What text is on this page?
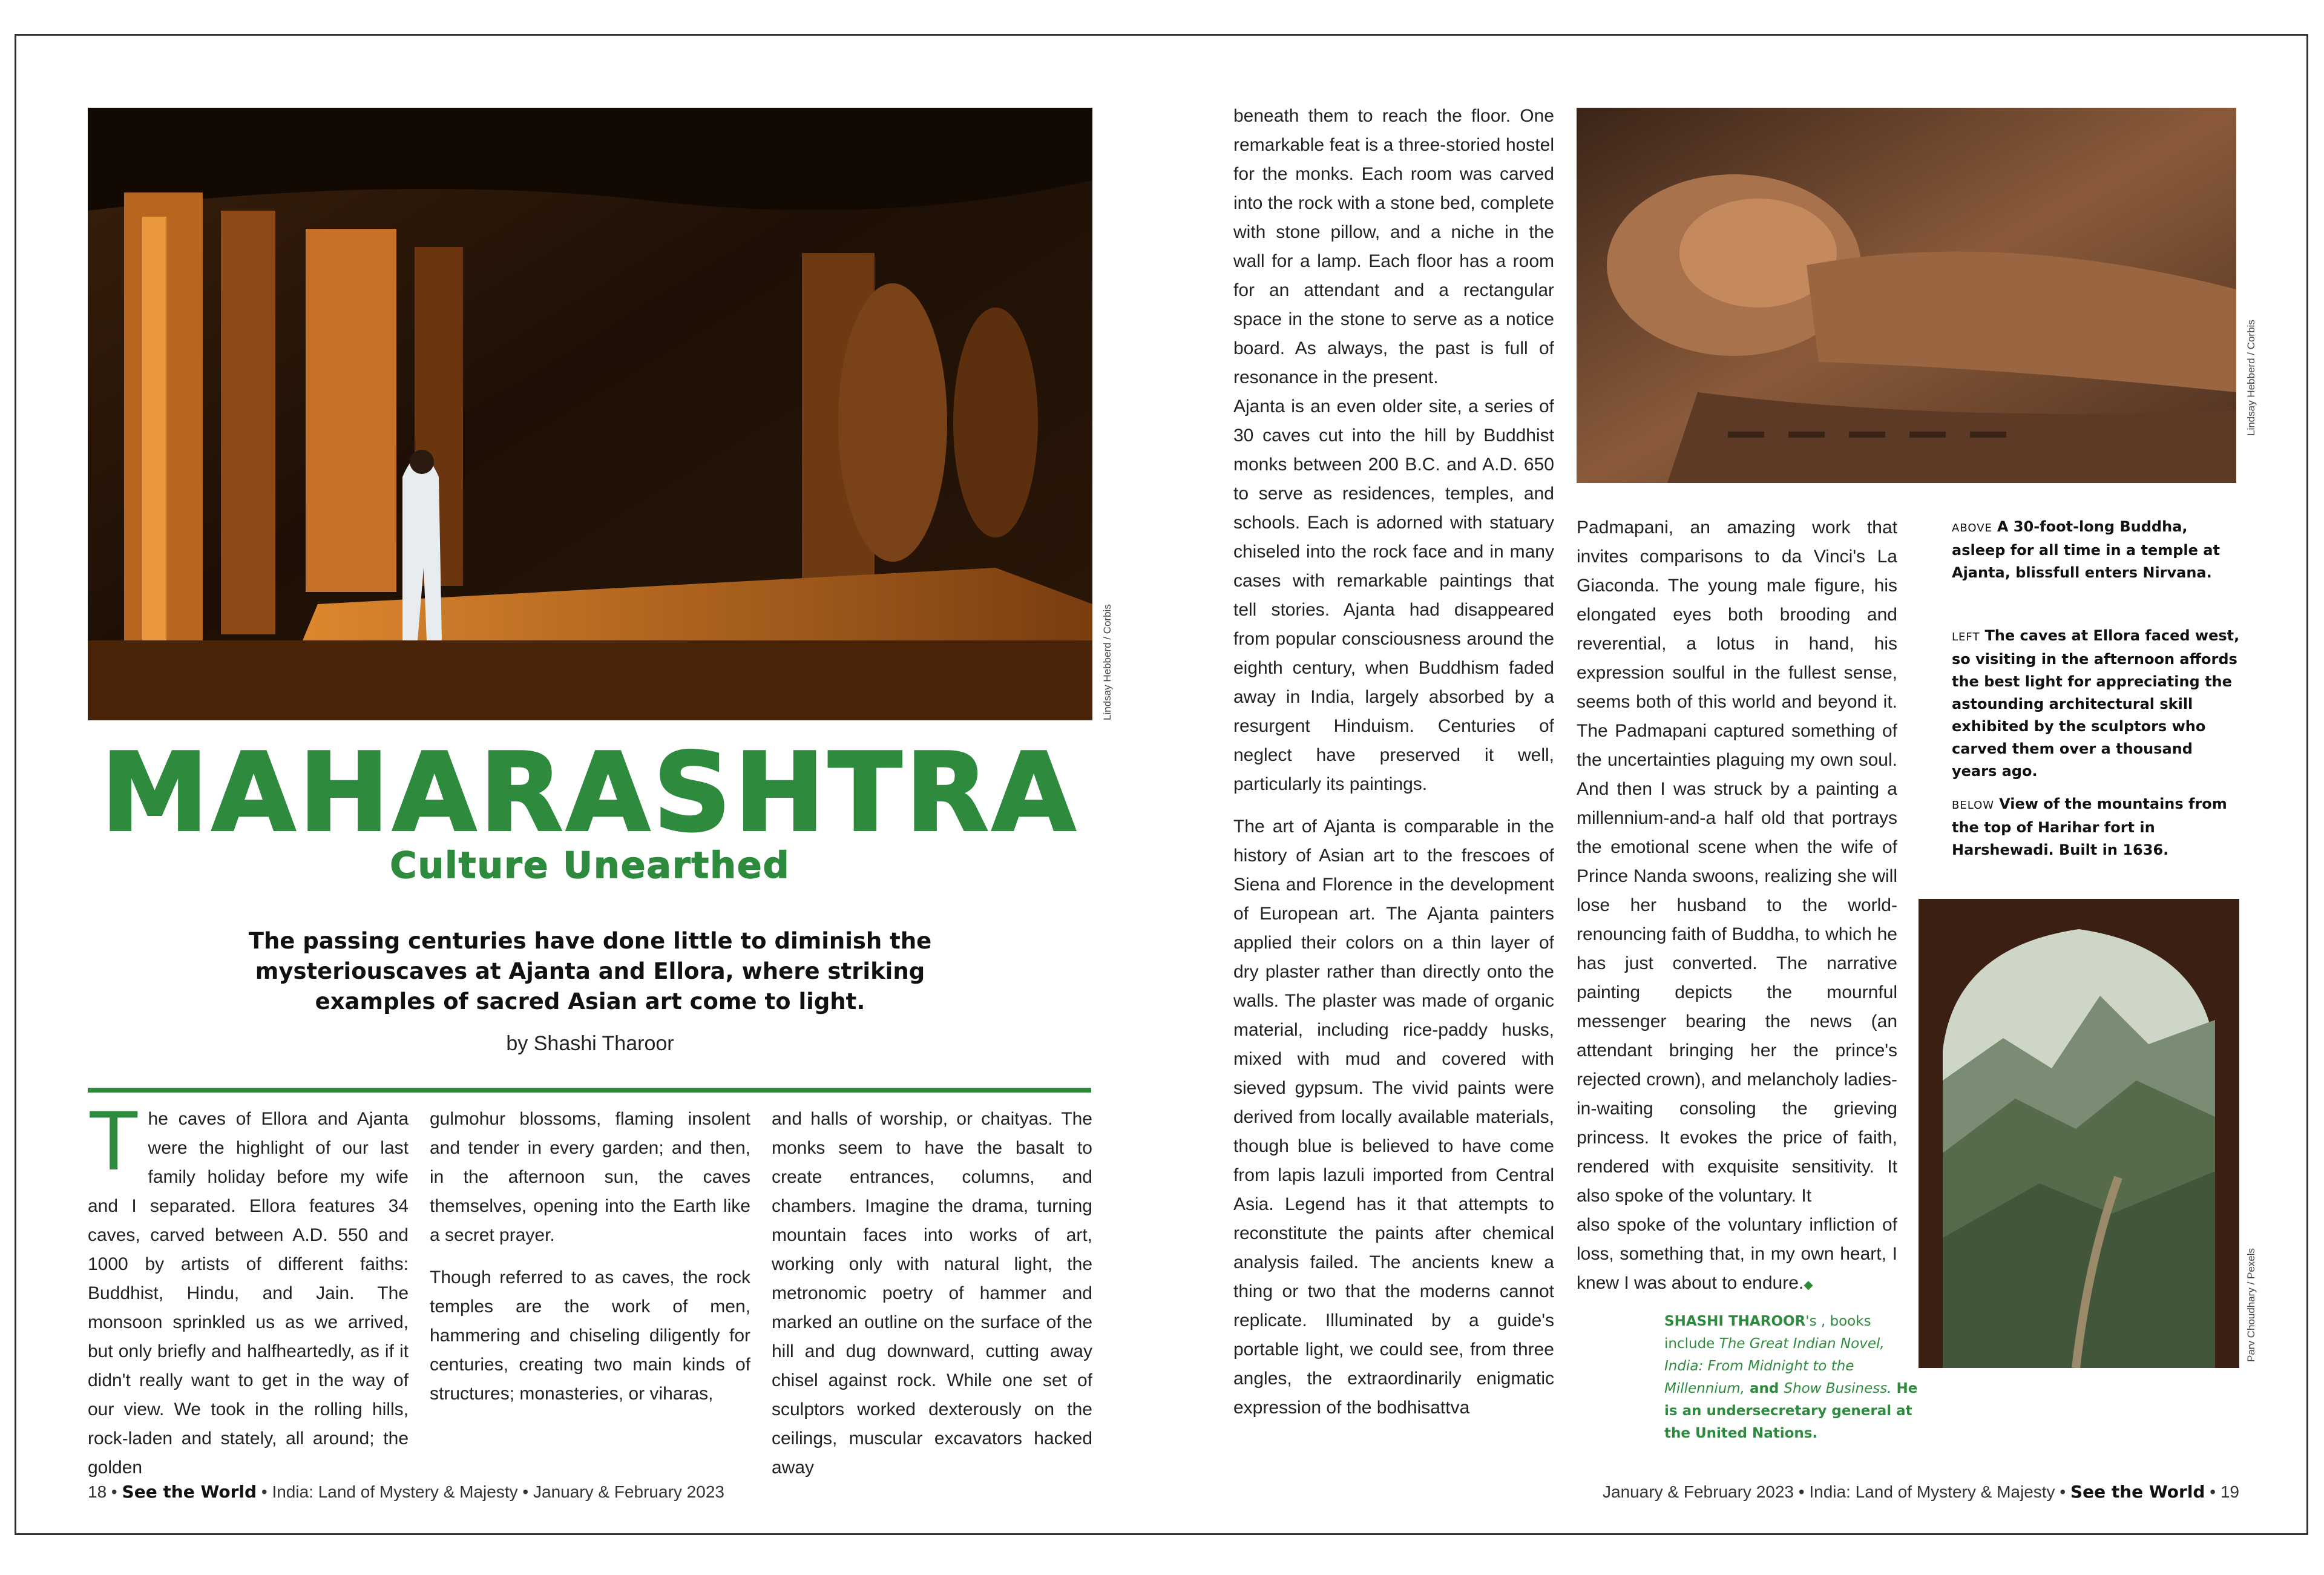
Lindsay Hebberd / Corbis
MAHARASHTRA
Culture Unearthed
The passing centuries have done little to diminish the mysteriouscaves at Ajanta and Ellora, where striking examples of sacred Asian art come to light.
by Shashi Tharoor
The caves of Ellora and Ajanta were the highlight of our last family holiday before my wife and I separated. Ellora features 34 caves, carved between A.D. 550 and 1000 by artists of different faiths: Buddhist, Hindu, and Jain. The monsoon sprinkled us as we arrived, but only briefly and halfheartedly, as if it didn't really want to get in the way of our view. We took in the rolling hills, rock-laden and stately, all around; the golden

gulmohur blossoms, flaming insolent and tender in every garden; and then, in the afternoon sun, the caves themselves, opening into the Earth like a secret prayer.

Though referred to as caves, the rock temples are the work of men, hammering and chiseling diligently for centuries, creating two main kinds of structures; monasteries, or viharas,

and halls of worship, or chaityas. The monks seem to have the basalt to create entrances, columns, and chambers. Imagine the drama, turning mountain faces into works of art, working only with natural light, the metronomic poetry of hammer and marked an outline on the surface of the hill and dug downward, cutting away chisel against rock. While one set of sculptors worked dexterously on the ceilings, muscular excavators hacked away

18 • See the World • India: Land of Mystery & Majesty • January & February 2023

beneath them to reach the floor. One remarkable feat is a three-storied hostel for the monks. Each room was carved into the rock with a stone bed, complete with stone pillow, and a niche in the wall for a lamp. Each floor has a room for an attendant and a rectangular space in the stone to serve as a notice board. As always, the past is full of resonance in the present.

Ajanta is an even older site, a series of 30 caves cut into the hill by Buddhist monks between 200 B.C. and A.D. 650 to serve as residences, temples, and schools. Each is adorned with statuary chiseled into the rock face and in many cases with remarkable paintings that tell stories. Ajanta had disappeared from popular consciousness around the eighth century, when Buddhism faded away in India, largely absorbed by a resurgent Hinduism. Centuries of neglect have preserved it well, particularly its paintings.

The art of Ajanta is comparable in the history of Asian art to the frescoes of Siena and Florence in the development of European art. The Ajanta painters applied their colors on a thin layer of dry plaster rather than directly onto the walls. The plaster was made of organic material, including rice-paddy husks, mixed with mud and covered with sieved gypsum. The vivid paints were derived from locally available materials, though blue is believed to have come from lapis lazuli imported from Central Asia. Legend has it that attempts to reconstitute the paints after chemical analysis failed. The ancients knew a thing or two that the moderns cannot replicate. Illuminated by a guide's portable light, we could see, from three angles, the extraordinarily enigmatic expression of the bodhisattva

Lindsay Hebberd / Corbis

Padmapani, an amazing work that invites comparisons to da Vinci's La Giaconda. The young male figure, his elongated eyes both brooding and reverential, a lotus in hand, his expression soulful in the fullest sense, seems both of this world and beyond it. The Padmapani captured something of the uncertainties plaguing my own soul. And then I was struck by a painting a millennium-and-a half old that portrays the emotional scene when the wife of Prince Nanda swoons, realizing she will lose her husband to the world-renouncing faith of Buddha, to which he has just converted. The narrative painting depicts the mournful messenger bearing the news (an attendant bringing her the prince's rejected crown), and melancholy ladies-in-waiting consoling the grieving princess. It evokes the price of faith, rendered with exquisite sensitivity. It also spoke of the voluntary. It

also spoke of the voluntary infliction of loss, something that, in my own heart, I knew I was about to endure.◆

ABOVE A 30-foot-long Buddha, asleep for all time in a temple at Ajanta, blissfull enters Nirvana.
LEFT The caves at Ellora faced west, so visiting in the afternoon affords the best light for appreciating the astounding architectural skill exhibited by the sculptors who carved them over a thousand years ago.
BELOW View of the mountains from the top of Harihar fort in Harshewadi. Built in 1636.
Parv Choudhary / Pexels
SHASHI THAROOR's , books include The Great Indian Novel, India: From Midnight to the Millennium, and Show Business. He is an undersecretary general at the United Nations.
January & February 2023 • India: Land of Mystery & Majesty • See the World • 19
